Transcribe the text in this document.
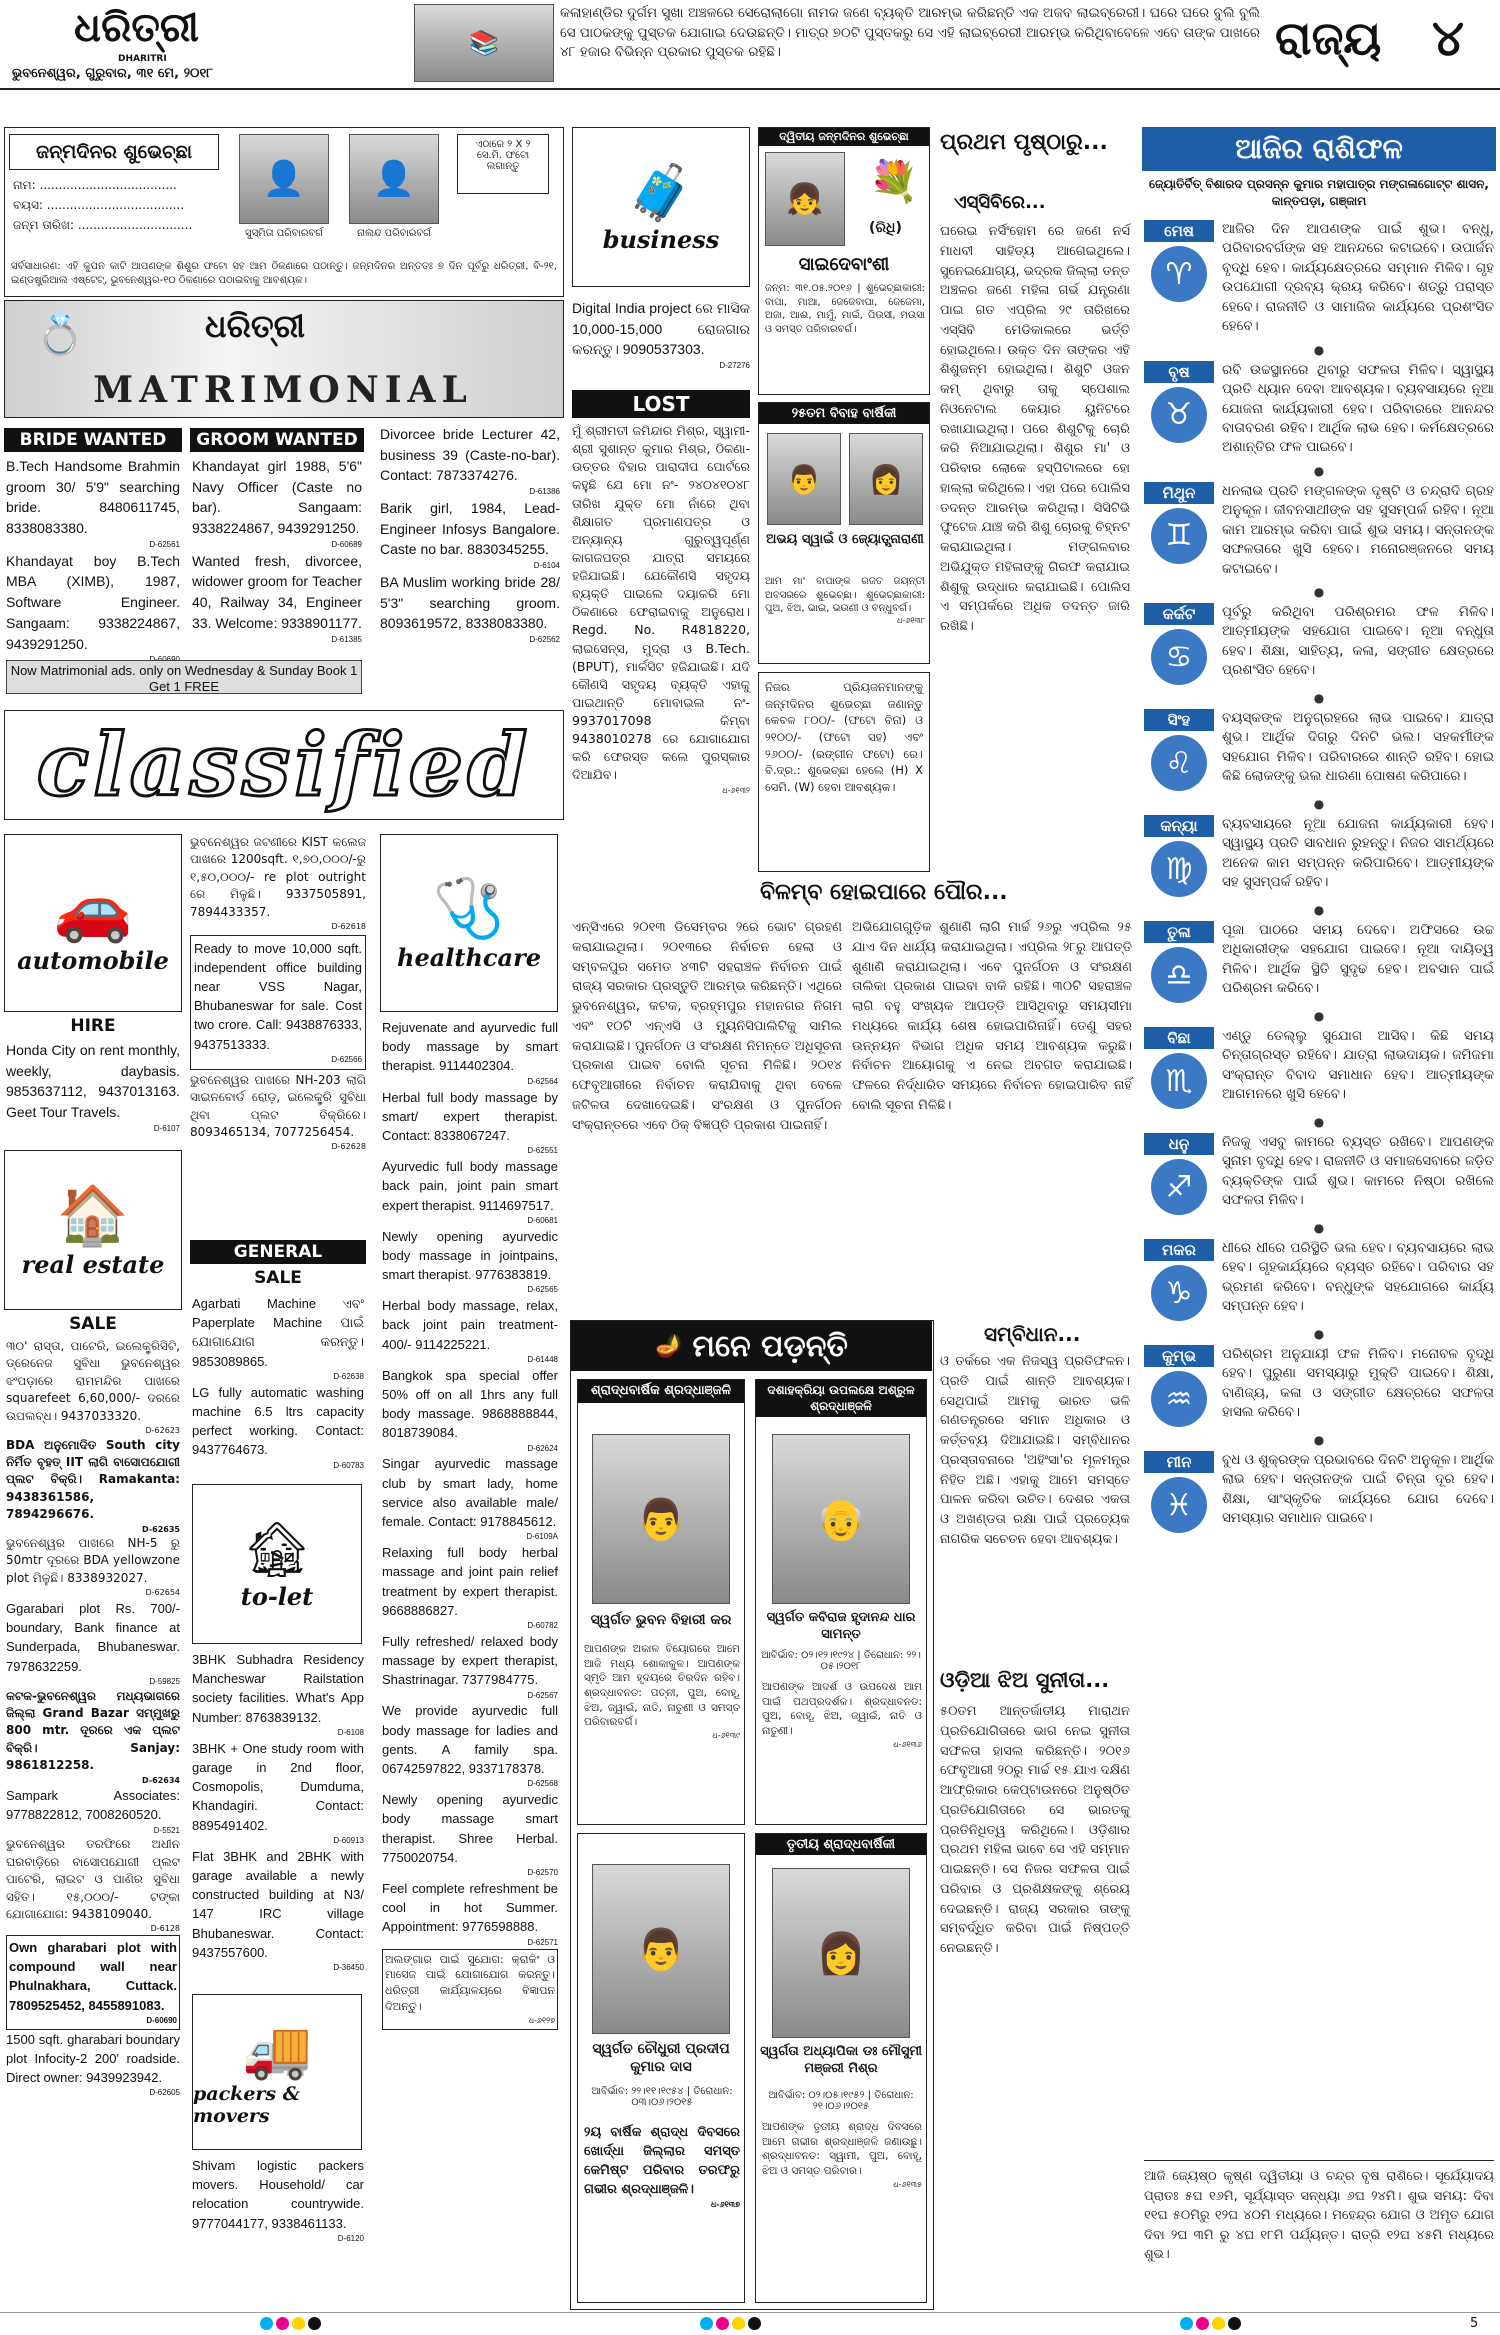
ଧରିତ୍ରୀ
DHARITRI
ଭୁବନେଶ୍ୱର, ଗୁରୁବାର, ୩୧ ମେ, ୨୦୧୮
📚
କଳାହାଣ୍ଡିର ଦୁର୍ଗମ ସୁଖା ଅଞ୍ଚଳରେ ସେରୋଲାଗୋ ନାମକ ଜଣେ ବ୍ୟକ୍ତି ଆରମ୍ଭ କରିଛନ୍ତି ଏକ ଅଜବ ଲାଇବ୍ରେରୀ। ଘରେ ଘରେ ବୁଲି ବୁଲି ସେ ପାଠକଙ୍କୁ ପୁସ୍ତକ ଯୋଗାଇ ଦେଉଛନ୍ତି। ମାତ୍ର ୭୦ଟି ପୁସ୍ତକରୁ ସେ ଏହି ଲାଇବ୍ରେରୀ ଆରମ୍ଭ କରିଥିବାବେଳେ ଏବେ ତାଙ୍କ ପାଖରେ ୪୮ ହଜାର ବିଭିନ୍ନ ପ୍ରକାର ପୁସ୍ତକ ରହିଛି।	ରାଜ୍ୟ ୪
ଜନ୍ମଦିନର ଶୁଭେଚ୍ଛା
ନାମ: ....................................
ବୟସ: ....................................
ଜନ୍ମ ତାରିଖ: ..............................
👤
ସୁସ୍ମିତା ପରିବାରବର୍ଗ
👤
ନାଲନ୍ଦ ପରିବାରବର୍ଗ
ଏଠାରେ ୨ X ୨ ସେ.ମି. ଫଟୋ ଲଗାନ୍ତୁ
ସର୍ବସାଧାରଣ: ଏହି କୁପନ କାଟି ଆପଣଙ୍କ ଶିଶୁର ଫଟୋ ସହ ଆମ ଠିକଣାରେ ପଠାନ୍ତୁ। ଜନ୍ମଦିନର ଅନ୍ତତଃ ୭ ଦିନ ପୂର୍ବରୁ ଧରିତ୍ରୀ, ବି-୨୧, ଇଣ୍ଡଷ୍ଟ୍ରିଆଲ ଏଷ୍ଟେଟ୍, ଭୁବନେଶ୍ୱର-୧୦ ଠିକଣାରେ ପଠାଇବାକୁ ଆବଶ୍ୟକ।
ଧରିତ୍ରୀ
💍
MATRIMONIAL
BRIDE WANTED
B.Tech Handsome Brahmin groom 30/ 5'9" searching bride. 8480611745, 8338083380.
D-62561
Khandayat boy B.Tech MBA (XIMB), 1987, Software Engineer. Sangaam: 9338224867, 9439291250.
GROOM WANTED
Khandayat girl 1988, 5'6" Navy Officer (Caste no bar). Sangaam: 9338224867, 9439291250.
D-60689
Wanted fresh, divorcee, widower groom for Teacher 40, Railway 34, Engineer 33. Welcome: 9338901177.
D-61385
Divorcee bride Lecturer 42, business 39 (Caste-no-bar). Contact: 7873374276.
D-61386
Barik girl, 1984, Lead-Engineer Infosys Bangalore. Caste no bar. 8830345255.
D-6104
BA Muslim working bride 28/ 5'3" searching groom. 8093619572, 8338083380.
D-62562
Now Matrimonial ads. only on Wednesday & Sunday Book 1 Get 1 FREE
classified
🧳
business
Digital India project ରେ ମାସିକ 10,000-15,000 ରୋଜଗାର କରନ୍ତୁ। 9090537303.
D-27276
LOST
ମୁଁ ଶ୍ରୀମତୀ ଜମିନ୍ଦାର ମିଶ୍ର, ସ୍ୱାମୀ- ଶ୍ରୀ ସୁଶାନ୍ତ କୁମାର ମିଶ୍ର, ଠିକଣା- ଉତ୍ତର ବିହାର ପାରାଦୀପ ପୋର୍ଟରେ କହୁଛି ଯେ ମୋ ନଂ- ୨୪୦୪୧୦୪୮ ତାରିଖ ଯୁକ୍ତ ମୋ ନାଁରେ ଥିବା ଶିକ୍ଷାଗତ ପ୍ରମାଣପତ୍ର ଓ ଅନ୍ୟାନ୍ୟ ଗୁରୁତ୍ୱପୂର୍ଣ୍ଣ କାଗଜପତ୍ର ଯାତ୍ରା ସମୟରେ ହଜିଯାଇଛି। ଯେକୌଣସି ସହୃଦୟ ବ୍ୟକ୍ତି ପାଇଲେ ଦୟାକରି ମୋ ଠିକଣାରେ ଫେରାଇବାକୁ ଅନୁରୋଧ। Regd. No. R4818220, ଲାଇସେନ୍ସ, ମୁଦ୍ରା ଓ B.Tech.(BPUT), ମାର୍କସିଟ ହଜିଯାଇଛି। ଯଦି କୌଣସି ସହୃଦୟ ବ୍ୟକ୍ତି ଏହାକୁ ପାଇଥାନ୍ତି ମୋବାଇଲ ନଂ- 9937017098 କିମ୍ବା 9438010278 ରେ ଯୋଗାଯୋଗ କରି ଫେରସ୍ତ କଲେ ପୁରସ୍କାର ଦିଆଯିବ।
ଧ-୬୧୩୨
ଦ୍ୱିତୀୟ ଜନ୍ମଦିନର ଶୁଭେଚ୍ଛା
👧 💐
(ରିଧି)
ସାଇଦେବାଂଶୀ
ଜନ୍ମ: ୩୧.୦୫.୨୦୧୬ | ଶୁଭେଚ୍ଛାକାରୀ: ବାପା, ମାଆ, ଜେଜେବାପା, ଜେଜେମା, ଅଜା, ଆଈ, ମାମୁଁ, ମାଇଁ, ପିଉସୀ, ମଉସା ଓ ସମସ୍ତ ପରିବାରବର୍ଗ।
୨୫ତମ ବିବାହ ବାର୍ଷିକୀ
👨 👩
ଅଭୟ ସ୍ୱାଇଁ ଓ ଜ୍ୟୋତ୍ସ୍ନାରାଣୀ
ଆମ ମା' ବାପାଙ୍କ ରଜତ ଜୟନ୍ତୀ ଅବସରରେ ଶୁଭେଚ୍ଛା। ଶୁଭେଚ୍ଛାକାରୀ: ପୁଅ, ଝିଅ, ଭାଇ, ଭଉଣୀ ଓ ବନ୍ଧୁବର୍ଗ।
ଧ-୬୧୩୮
ନିଜର ପ୍ରିୟଜନମାନଙ୍କୁ ଜନ୍ମଦିନର ଶୁଭେଚ୍ଛା ଜଣାନ୍ତୁ କେବଳ ୮୦୦/- (ଫଟୋ ବିନା) ଓ ୨୧୦୦/- (ଫଟୋ ସହ) ଏବଂ ୨୬୦୦/- (ରଙ୍ଗୀନ ଫଟୋ) ରେ। ବି.ଦ୍ର.: ଶୁଭେଚ୍ଛା ହେଲେ (H) X ସେମି. (W) ହେବା ଆବଶ୍ୟକ।
ପ୍ରଥମ ପୃଷ୍ଠାରୁ...
ଏସ୍‌ସିବିରେ...
ଘରେଇ ନର୍ସିଂହୋମ ରେ ଜଣେ ନର୍ସ ମାଧବୀ ସାହିତ୍ୟ ଆଗେଇଥିଲେ। ସୁନେଇଯୋଗ୍ୟ, ଭଦ୍ରକ ଜିଲ୍ଲା ତନ୍ତ ଅଞ୍ଚଳର ଜଣେ ମହିଳା ଗର୍ଭ ଯନ୍ତ୍ରଣା ପାଇ ଗତ ଏପ୍ରିଲ ୨୯ ତାରିଖରେ ଏସ୍‌ସିବି ମେଡିକାଲରେ ଭର୍ତ୍ତି ହୋଇଥିଲେ। ଉକ୍ତ ଦିନ ତାଙ୍କର ଏହି ଶିଶୁଜନ୍ମ ହୋଇଥିଲା। ଶିଶୁଟି ଓଜନ କମ୍‌ ଥିବାରୁ ତାକୁ ସ୍ପେଶାଲ ନିଓନେଟାଲ କେୟାର ୟୁନିଟରେ ରଖାଯାଇଥିଲା। ପରେ ଶିଶୁଟିକୁ ଚୋରି କରି ନିଆଯାଇଥିଲା। ଶିଶୁର ମା' ଓ ପରିବାର ଲୋକେ ହସ୍ପିଟାଲରେ ହୋ ହାଲ୍ଲା କରିଥିଲେ। ଏହା ପରେ ପୋଲିସ ତଦନ୍ତ ଆରମ୍ଭ କରିଥିଲା। ସିସିଟିଭି ଫୁଟେଜ ଯାଞ୍ଚ କରି ଶିଶୁ ଚୋରକୁ ଚିହ୍ନଟ କରାଯାଇଥିଲା। ମଙ୍ଗଳବାର ଅଭିଯୁକ୍ତ ମହିଳାଙ୍କୁ ଗିରଫ କରାଯାଇ ଶିଶୁକୁ ଉଦ୍ଧାର କରାଯାଇଛି। ପୋଲିସ ଏ ସମ୍ପର୍କରେ ଅଧିକ ତଦନ୍ତ ଜାରି ରଖିଛି।
ବିଳମ୍ବ ହୋଇପାରେ ପୌର...
ଏନ୍‌ସିଏରେ ୨୦୧୩ ଡିସେମ୍ବର ୨ରେ ଭୋଟ ଗ୍ରହଣ କରାଯାଇଥିଲା। ୨୦୧୩ରେ ନିର୍ବାଚନ ହେଲା ଓ ସମ୍ବଳପୁର ସମେତ ୪୩ଟି ସହରାଞ୍ଚଳ ନିର୍ବାଚନ ପାଇଁ ରାଜ୍ୟ ସରକାର ପ୍ରସ୍ତୁତି ଆରମ୍ଭ କରିଛନ୍ତି। ଏଥିରେ ଭୁବନେଶ୍ୱର, କଟକ, ବ୍ରହ୍ମପୁର ମହାନଗର ନିଗମ ଏବଂ ୧୦ଟି ଏନ୍‌ଏସି ଓ ମ୍ୟୁନିସିପାଲିଟିକୁ ସାମିଲ କରାଯାଇଛି। ପୁନର୍ଗଠନ ଓ ସଂରକ୍ଷଣ ନିମନ୍ତେ ଅଧିସୂଚନା ପ୍ରକାଶ ପାଇବ ବୋଲି ସୂଚନା ମିଳିଛି। ୨୦୧୪ ଫେବୃଆରୀରେ ନିର୍ବାଚନ କରାଯିବାକୁ ଥିବା ବେଳେ ଜଟିଳତା ଦେଖାଦେଇଛି। ସଂରକ୍ଷଣ ଓ ପୁନର୍ଗଠନ ସଂକ୍ରାନ୍ତରେ ଏବେ ଠିକ୍‌ ବିଜ୍ଞପ୍ତି ପ୍ରକାଶ ପାଇନାହିଁ।
ଅଭିଯୋଗଗୁଡ଼ିକ ଶୁଣାଣି ଲାଗି ମାର୍ଚ୍ଚ ୨୬ରୁ ଏପ୍ରିଲ ୨୫ ଯାଏ ଦିନ ଧାର୍ଯ୍ୟ କରାଯାଇଥିଲା। ଏପ୍ରିଲ ୨୮ରୁ ଆପତ୍ତି ଶୁଣାଣି କରାଯାଇଥିଲା। ଏବେ ପୁନର୍ଗଠନ ଓ ସଂରକ୍ଷଣ ତାଲିକା ପ୍ରକାଶ ପାଇବା ବାକି ରହିଛି। ୩୦ଟି ସହରାଞ୍ଚଳ ଲାଗି ବହୁ ସଂଖ୍ୟକ ଆପତ୍ତି ଆସିଥିବାରୁ ସମୟସୀମା ମଧ୍ୟରେ କାର୍ଯ୍ୟ ଶେଷ ହୋଇପାରିନାହିଁ। ତେଣୁ ସହର ଉନ୍ନୟନ ବିଭାଗ ଅଧିକ ସମୟ ଆବଶ୍ୟକ କରୁଛି। ନିର୍ବାଚନ ଆୟୋଗକୁ ଏ ନେଇ ଅବଗତ କରାଯାଇଛି। ଫଳରେ ନିର୍ଦ୍ଧାରିତ ସମୟରେ ନିର୍ବାଚନ ହୋଇପାରିବ ନାହିଁ ବୋଲି ସୂଚନା ମିଳିଛି।
ସମ୍ବିଧାନ...
ଓ ତର୍କରେ ଏକ ନିଜସ୍ୱ ପ୍ରତିଫଳନ। ପ୍ରତି ପାଇଁ ଶାନ୍ତି ଆବଶ୍ୟକ। ସେଥିପାଇଁ ଆମକୁ ଭାରତ ଭଳି ଗଣତନ୍ତ୍ରରେ ସମାନ ଅଧିକାର ଓ କର୍ତ୍ତବ୍ୟ ଦିଆଯାଇଛି। ସମ୍ବିଧାନର ପ୍ରସ୍ତାବନାରେ 'ଅହିଂସା'ର ମୂଳମନ୍ତ୍ର ନିହିତ ଅଛି। ଏହାକୁ ଆମେ ସମସ୍ତେ ପାଳନ କରିବା ଉଚିତ। ଦେଶର ଏକତା ଓ ଅଖଣ୍ଡତା ରକ୍ଷା ପାଇଁ ପ୍ରତ୍ୟେକ ନାଗରିକ ସଚେତନ ହେବା ଆବଶ୍ୟକ।
ଓଡ଼ିଆ ଝିଅ ସୁନୀତା...
୫୦ତମ ଆନ୍ତର୍ଜାତୀୟ ମାରାଥନ ପ୍ରତିଯୋଗିତାରେ ଭାଗ ନେଇ ସୁନୀତା ସଫଳତା ହାସଲ କରିଛନ୍ତି। ୨୦୧୬ ଫେବୃଆରୀ ୨୦ରୁ ମାର୍ଚ୍ଚ ୧୫ ଯାଏ ଦକ୍ଷିଣ ଆଫ୍ରିକାର କେପ୍‌ଟାଉନରେ ଅନୁଷ୍ଠିତ ପ୍ରତିଯୋଗିତାରେ ସେ ଭାରତକୁ ପ୍ରତିନିଧିତ୍ୱ କରିଥିଲେ। ଓଡ଼ିଶାର ପ୍ରଥମ ମହିଳା ଭାବେ ସେ ଏହି ସମ୍ମାନ ପାଇଛନ୍ତି। ସେ ନିଜର ସଫଳତା ପାଇଁ ପରିବାର ଓ ପ୍ରଶିକ୍ଷକଙ୍କୁ ଶ୍ରେୟ ଦେଇଛନ୍ତି। ରାଜ୍ୟ ସରକାର ତାଙ୍କୁ ସମ୍ବର୍ଦ୍ଧିତ କରିବା ପାଇଁ ନିଷ୍ପତ୍ତି ନେଇଛନ୍ତି।
🚗
automobile
HIRE
Honda City on rent monthly, weekly, daybasis. 9853637112, 9437013163. Geet Tour Travels.
D-6107
🏠
real estate
SALE
୩୦' ରାସ୍ତା, ପାଟେରି, ଇଲେକ୍ଟ୍ରିସିଟି, ଡ୍ରେନେଜ ସୁବିଧା ଭୁବନେଶ୍ୱର ଝଂପଡ଼ାରେ ରାମମନ୍ଦିର ପାଖରେ squarefeet 6,60,000/- ଦରରେ ଉପଲବ୍ଧ। 9437033320.
D-62623
BDA ଅନୁମୋଦିତ South city ନିର୍ମିତ ବୃହତ୍ IIT ଲାଗି ବାସୋପଯୋଗୀ ପ୍ଲଟ ବିକ୍ରି। Ramakanta: 9438361586, 7894296676.
D-62635
ଭୁବନେଶ୍ୱର ପାଖରେ NH-5 ରୁ 50mtr ଦୂରରେ BDA yellowzone plot ମିଳୁଛି। 8338932027.
D-62654
Ggarabari plot Rs. 700/-boundary, Bank finance at Sunderpada, Bhubaneswar. 7978632259.
D-59825
କଟକ-ଭୁବନେଶ୍ୱର ମଧ୍ୟଭାଗରେ ଜିଲ୍ଲା Grand Bazar ସମ୍ମୁଖରୁ 800 mtr. ଦୂରରେ ଏକ ପ୍ଲଟ ବିକ୍ରି। Sanjay: 9861812258.
D-62634
Sampark Associates: 9778822812, 7008260520.
D-5521
ଭୁବନେଶ୍ୱର ତରଫିରେ ଅଧୀନ ଘରବାଡ଼ିରେ ବାସୋପଯୋଗୀ ପ୍ଲଟ ପାଟେରି, ଲାଇଟ ଓ ପାଣିର ସୁବିଧା ସହିତ। ୧୫,୦୦୦/- ଟଙ୍କା ଯୋଗାଯୋଗ: 9438109040.
D-6128
Own gharabari plot with compound wall near Phulnakhara, Cuttack. 7809525452, 8455891083.
D-60690
1500 sqft. gharabari boundary plot Infocity-2 200' roadside. Direct owner: 9439923942.
D-62605
ଭୁବନେଶ୍ୱର ଜଟଣୀରେ KIST କଲେଜ ପାଖରେ 1200sqft. ୧,୭୦,୦୦୦/-ରୁ ୧,୫୦,୦୦୦/- re plot outright ରେ ମିଳୁଛି। 9337505891, 7894433357.
D-62618
Ready to move 10,000 sqft. independent office building near VSS Nagar, Bhubaneswar for sale. Cost two crore. Call: 9438876333, 9437513333.
D-62566
ଭୁବନେଶ୍ୱର ପାଖରେ NH-203 ଲାଗି ସାଇନବୋର୍ଡ ରୋଡ଼, ଇଲେକ୍ଟ୍ରି ସୁବିଧା ଥିବା ପ୍ଲଟ ବିକ୍ରିରେ। 8093465134, 7077256454.
D-62628
GENERAL
SALE
Agarbati Machine ଏବଂ Paperplate Machine ପାଇଁ ଯୋଗାଯୋଗ କରନ୍ତୁ। 9853089865.
D-62638
LG fully automatic washing machine 6.5 ltrs capacity perfect working. Contact: 9437764673.
D-60783
🏚
to-let
3BHK Subhadra Residency Mancheswar Railstation society facilities. What's App Number: 8763839132.
D-6108
3BHK + One study room with garage in 2nd floor, Cosmopolis, Dumduma, Khandagiri. Contact: 8895491402.
D-60913
Flat 3BHK and 2BHK with garage available a newly constructed building at N3/ 147 IRC village Bhubaneswar. Contact: 9437557600.
D-36450
🚚
packers & movers
Shivam logistic packers movers. Household/ car relocation countrywide. 9777044177, 9338461133.
D-6120
🩺
healthcare
Rejuvenate and ayurvedic full body massage by smart therapist. 9114402304.
D-62564
Herbal full body massage by smart/ expert therapist. Contact: 8338067247.
D-62551
Ayurvedic full body massage back pain, joint pain smart expert therapist. 9114697517.
D-60681
Newly opening ayurvedic body massage in jointpains, smart therapist. 9776383819.
D-62565
Herbal body massage, relax, back joint pain treatment- 400/- 9114225221.
D-61448
Bangkok spa special offer 50% off on all 1hrs any full body massage. 9868888844, 8018739084.
D-62624
Singar ayurvedic massage club by smart lady, home service also available male/ female. Contact: 9178845612.
D-6109A
Relaxing full body herbal massage and joint pain relief treatment by expert therapist. 9668886827.
D-60782
Fully refreshed/ relaxed body massage by expert therapist, Shastrinagar. 7377984775.
D-62567
We provide ayurvedic full body massage for ladies and gents. A family spa. 06742597822, 9337178378.
D-62568
Newly opening ayurvedic body massage smart therapist. Shree Herbal. 7750020754.
D-62570
Feel complete refreshment be cool in hot Summer. Appointment: 9776598888.
D-62571
ଅଲଙ୍ଗାର ପାଇଁ ସୁଯୋଗ: କ୍ରାକିଂ ଓ ମାସେଜ ପାଇଁ ଯୋଗାଯୋଗ କରନ୍ତୁ। ଧରିତ୍ରୀ କାର୍ଯ୍ୟାଳୟରେ ବିଜ୍ଞାପନ ଦିଅନ୍ତୁ।
ଧ-୬୧୨୭
🪔 ମନେ ପଡ଼ନ୍ତି
ଶ୍ରାଦ୍ଧବାର୍ଷିକ ଶ୍ରଦ୍ଧାଞ୍ଜଳି
👨
ସ୍ୱର୍ଗତ ଭୁବନ ବିହାରୀ କର
ଆପଣଙ୍କ ଅକାଳ ବିୟୋଗରେ ଆମେ ଆଜି ମଧ୍ୟ ଶୋକାକୁଳ। ଆପଣଙ୍କ ସ୍ମୃତି ଆମ ହୃଦୟରେ ଚିରଦିନ ରହିବ। ଶ୍ରଦ୍ଧାବନତ: ପତ୍ନୀ, ପୁଅ, ବୋହୂ, ଝିଅ, ଜ୍ୱାଇଁ, ନାତି, ନାତୁଣୀ ଓ ସମସ୍ତ ପରିବାରବର୍ଗ।
ଧ-୬୧୩୯
ଦଶାହକ୍ରିୟା ଉପଲକ୍ଷେ ଅଶ୍ରୁଳ ଶ୍ରଦ୍ଧାଞ୍ଜଳି
👴
ସ୍ୱର୍ଗତ କବିରାଜ ହୃଦାନନ୍ଦ ଧାର ସାମନ୍ତ
ଆବିର୍ଭାବ: ୦୨।୧୨।୧୯୨୪ | ତିରୋଧାନ: ୨୨।୦୫।୨୦୧୮
ଆପଣଙ୍କ ଆଦର୍ଶ ଓ ଉପଦେଶ ଆମ ପାଇଁ ପଥପ୍ରଦର୍ଶକ। ଶ୍ରଦ୍ଧାବନତ: ପୁଅ, ବୋହୂ, ଝିଅ, ଜ୍ୱାଇଁ, ନାତି ଓ ନାତୁଣୀ।
ଧ-୬୧୩୬
👨
ସ୍ୱର୍ଗତ ଚୌଧୁରୀ ପ୍ରଦୀପ କୁମାର ଦାସ
ଆବିର୍ଭାବ: ୨୨।୧୧।୧୯୫୪ | ତିରୋଧାନ: ୦୩।୦୬।୨୦୧୫
୨ୟ ବାର୍ଷିକ ଶ୍ରାଦ୍ଧ ଦିବସରେ ଖୋର୍ଦ୍ଧା ଜିଲ୍ଲାର ସମସ୍ତ କେମିଷ୍ଟ ପରିବାର ତରଫରୁ ଗଭୀର ଶ୍ରଦ୍ଧାଞ୍ଜଳି।
ଧ-୬୧୩୭
ତୃତୀୟ ଶ୍ରାଦ୍ଧବାର୍ଷିକୀ
👩
ସ୍ୱର୍ଗତା ଅଧ୍ୟାପିକା ଡଃ ମୌସୁମୀ ମଞ୍ଜରୀ ମିଶ୍ର
ଆବିର୍ଭାବ: ୦୨।୦୫।୧୯୫୨ | ତିରୋଧାନ: ୨୧।୦୬।୨୦୧୫
ଆପଣଙ୍କ ତୃତୀୟ ଶ୍ରାଦ୍ଧ ଦିବସରେ ଆମେ ଗଭୀର ଶ୍ରଦ୍ଧାଞ୍ଜଳି ଜଣାଉଛୁ। ଶ୍ରଦ୍ଧାବନତ: ସ୍ୱାମୀ, ପୁଅ, ବୋହୂ, ଝିଅ ଓ ସମସ୍ତ ପରିବାର।
ଧ-୬୧୩୫
ଆଜିର ରାଶିଫଳ
ଜ୍ୟୋତିର୍ବିତ୍‌ ବିଶାରଦ ପ୍ରସନ୍ନ କୁମାର ମହାପାତ୍ର ମଙ୍ଗଳାଗୋଟ୍ଟ ଶାସନ, କାନ୍ତପଡ଼ା, ଗଞ୍ଜାମ
ମେଷ
♈
ଆଜିର ଦିନ ଆପଣଙ୍କ ପାଇଁ ଶୁଭ। ବନ୍ଧୁ, ପରିବାରବର୍ଗଙ୍କ ସହ ଆନନ୍ଦରେ କଟାଇବେ। ଉପାର୍ଜନ ବୃଦ୍ଧି ହେବ। କାର୍ଯ୍ୟକ୍ଷେତ୍ରରେ ସମ୍ମାନ ମିଳିବ। ଗୃହ ଉପଯୋଗୀ ଦ୍ରବ୍ୟ କ୍ରୟ କରିବେ। ଶତ୍ରୁ ପରାସ୍ତ ହେବେ। ରାଜନୀତି ଓ ସାମାଜିକ କାର୍ଯ୍ୟରେ ପ୍ରଶଂସିତ ହେବେ।
●
ବୃଷ
♉
ରବି ଉଚ୍ଚସ୍ଥାନରେ ଥିବାରୁ ସଫଳତା ମିଳିବ। ସ୍ୱାସ୍ଥ୍ୟ ପ୍ରତି ଧ୍ୟାନ ଦେବା ଆବଶ୍ୟକ। ବ୍ୟବସାୟରେ ନୂଆ ଯୋଜନା କାର୍ଯ୍ୟକାରୀ ହେବ। ପରିବାରରେ ଆନନ୍ଦର ବାତାବରଣ ରହିବ। ଆର୍ଥିକ ଲାଭ ହେବ। କର୍ମକ୍ଷେତ୍ରରେ ଅଶାନ୍ତିର ଫଳ ପାଇବେ।
●
ମିଥୁନ
♊
ଧନଲାଭ ପ୍ରତି ମଙ୍ଗଳଙ୍କ ଦୃଷ୍ଟି ଓ ଚନ୍ଦ୍ରାଦି ଗ୍ରହ ଅନୁକୂଳ। ଜୀବନସାଥୀଙ୍କ ସହ ସୁସମ୍ପର୍କ ରହିବ। ନୂଆ କାମ ଆରମ୍ଭ କରିବା ପାଇଁ ଶୁଭ ସମୟ। ସନ୍ତାନଙ୍କ ସଫଳତାରେ ଖୁସି ହେବେ। ମନୋରଞ୍ଜନରେ ସମୟ କଟାଇବେ।
●
କର୍କଟ
♋
ପୂର୍ବରୁ କରିଥିବା ପରିଶ୍ରମର ଫଳ ମିଳିବ। ଆତ୍ମୀୟଙ୍କ ସହଯୋଗ ପାଇବେ। ନୂଆ ବନ୍ଧୁତା ହେବ। ଶିକ୍ଷା, ସାହିତ୍ୟ, କଳା, ସଙ୍ଗୀତ କ୍ଷେତ୍ରରେ ପ୍ରଶଂସିତ ହେବେ।
●
ସିଂହ
♌
ବୟସ୍କଙ୍କ ଅନୁଗ୍ରହରେ ଲାଭ ପାଇବେ। ଯାତ୍ରା ଶୁଭ। ଆର୍ଥିକ ଦିଗରୁ ଦିନଟି ଭଲ। ସହକର୍ମୀଙ୍କ ସହଯୋଗ ମିଳିବ। ପରିବାରରେ ଶାନ୍ତି ରହିବ। ହୋଇ କିଛି ଲୋକଙ୍କୁ ଭଲ ଧାରଣା ପୋଷଣ କରିପାରେ।
●
କନ୍ୟା
♍
ବ୍ୟବସାୟରେ ନୂଆ ଯୋଜନା କାର୍ଯ୍ୟକାରୀ ହେବ। ସ୍ୱାସ୍ଥ୍ୟ ପ୍ରତି ସାବଧାନ ରୁହନ୍ତୁ। ନିଜର ସାମର୍ଥ୍ୟରେ ଅନେକ କାମ ସମ୍ପନ୍ନ କରିପାରିବେ। ଆତ୍ମୀୟଙ୍କ ସହ ସୁସମ୍ପର୍କ ରହିବ।
●
ତୁଳା
♎
ପୂଜା ପାଠରେ ସମୟ ଦେବେ। ଅଫିସରେ ଉଚ୍ଚ ଅଧିକାରୀଙ୍କ ସହଯୋଗ ପାଇବେ। ନୂଆ ଦାୟିତ୍ୱ ମିଳିବ। ଆର୍ଥିକ ସ୍ଥିତି ସୁଦୃଢ ହେବ। ଅବସାନ ପାଇଁ ପରିଶ୍ରମ କରିବେ।
●
ବିଛା
♏
ଏଣ୍ଡୁ ତେଲ୍ଲୁ ସୁଯୋଗ ଆସିବ। କିଛି ସମୟ ଚିନ୍ତାଗ୍ରସ୍ତ ରହିବେ। ଯାତ୍ରା ଲାଭଦାୟକ। ଜମିଜମା ସଂକ୍ରାନ୍ତ ବିବାଦ ସମାଧାନ ହେବ। ଆତ୍ମୀୟଙ୍କ ଆଗମନରେ ଖୁସି ହେବେ।
●
ଧନୁ
♐
ନିଜକୁ ଏସବୁ କାମରେ ବ୍ୟସ୍ତ ରଖିବେ। ଆପଣଙ୍କ ସୁନାମ ବୃଦ୍ଧି ହେବ। ରାଜନୀତି ଓ ସମାଜସେବାରେ ଜଡ଼ିତ ବ୍ୟକ୍ତିଙ୍କ ପାଇଁ ଶୁଭ। କାମରେ ନିଷ୍ଠା ରଖିଲେ ସଫଳତା ମିଳିବ।
●
ମକର
♑
ଧୀରେ ଧୀରେ ପରିସ୍ଥିତି ଭଲ ହେବ। ବ୍ୟବସାୟରେ ଲାଭ ହେବ। ଗୃହକାର୍ଯ୍ୟରେ ବ୍ୟସ୍ତ ରହିବେ। ପରିବାର ସହ ଭ୍ରମଣ କରିବେ। ବନ୍ଧୁଙ୍କ ସହଯୋଗରେ କାର୍ଯ୍ୟ ସମ୍ପନ୍ନ ହେବ।
●
କୁମ୍ଭ
♒
ପରିଶ୍ରମ ଅନୁଯାୟୀ ଫଳ ମିଳିବ। ମନୋବଳ ବୃଦ୍ଧି ହେବ। ପୁରୁଣା ସମସ୍ୟାରୁ ମୁକ୍ତି ପାଇବେ। ଶିକ୍ଷା, ବାଣିଜ୍ୟ, କଳା ଓ ସଙ୍ଗୀତ କ୍ଷେତ୍ରରେ ସଫଳତା ହାସଲ କରିବେ।
●
ମୀନ
♓
ବୁଧ ଓ ଶୁକ୍ରଙ୍କ ପ୍ରଭାବରେ ଦିନଟି ଅନୁକୂଳ। ଆର୍ଥିକ ଲାଭ ହେବ। ସନ୍ତାନଙ୍କ ପାଇଁ ଚିନ୍ତା ଦୂର ହେବ। ଶିକ୍ଷା, ସାଂସ୍କୃତିକ କାର୍ଯ୍ୟରେ ଯୋଗ ଦେବେ। ସମସ୍ୟାର ସମାଧାନ ପାଇବେ।
ଆଜି ଜ୍ୟେଷ୍ଠ କୃଷ୍ଣ ଦ୍ୱିତୀୟା ଓ ଚନ୍ଦ୍ର ବୃଷ ରାଶିରେ। ସୂର୍ଯ୍ୟୋଦୟ ପ୍ରାତଃ ୫ଘ ୧୬ମି, ସୂର୍ଯ୍ୟାସ୍ତ ସନ୍ଧ୍ୟା ୬ଘ ୨୪ମି। ଶୁଭ ସମୟ: ଦିବା ୧୧ଘ ୫୦ମିରୁ ୧୨ଘ ୪୦ମି ମଧ୍ୟରେ। ମହେନ୍ଦ୍ର ଯୋଗ ଓ ଅମୃତ ଯୋଗ ଦିବା ୨ଘ ୩ମି ରୁ ୪ଘ ୧୮ମି ପର୍ଯ୍ୟନ୍ତ। ରାତ୍ରି ୧୨ଘ ୪୫ମି ମଧ୍ୟରେ ଶୁଭ।
5
